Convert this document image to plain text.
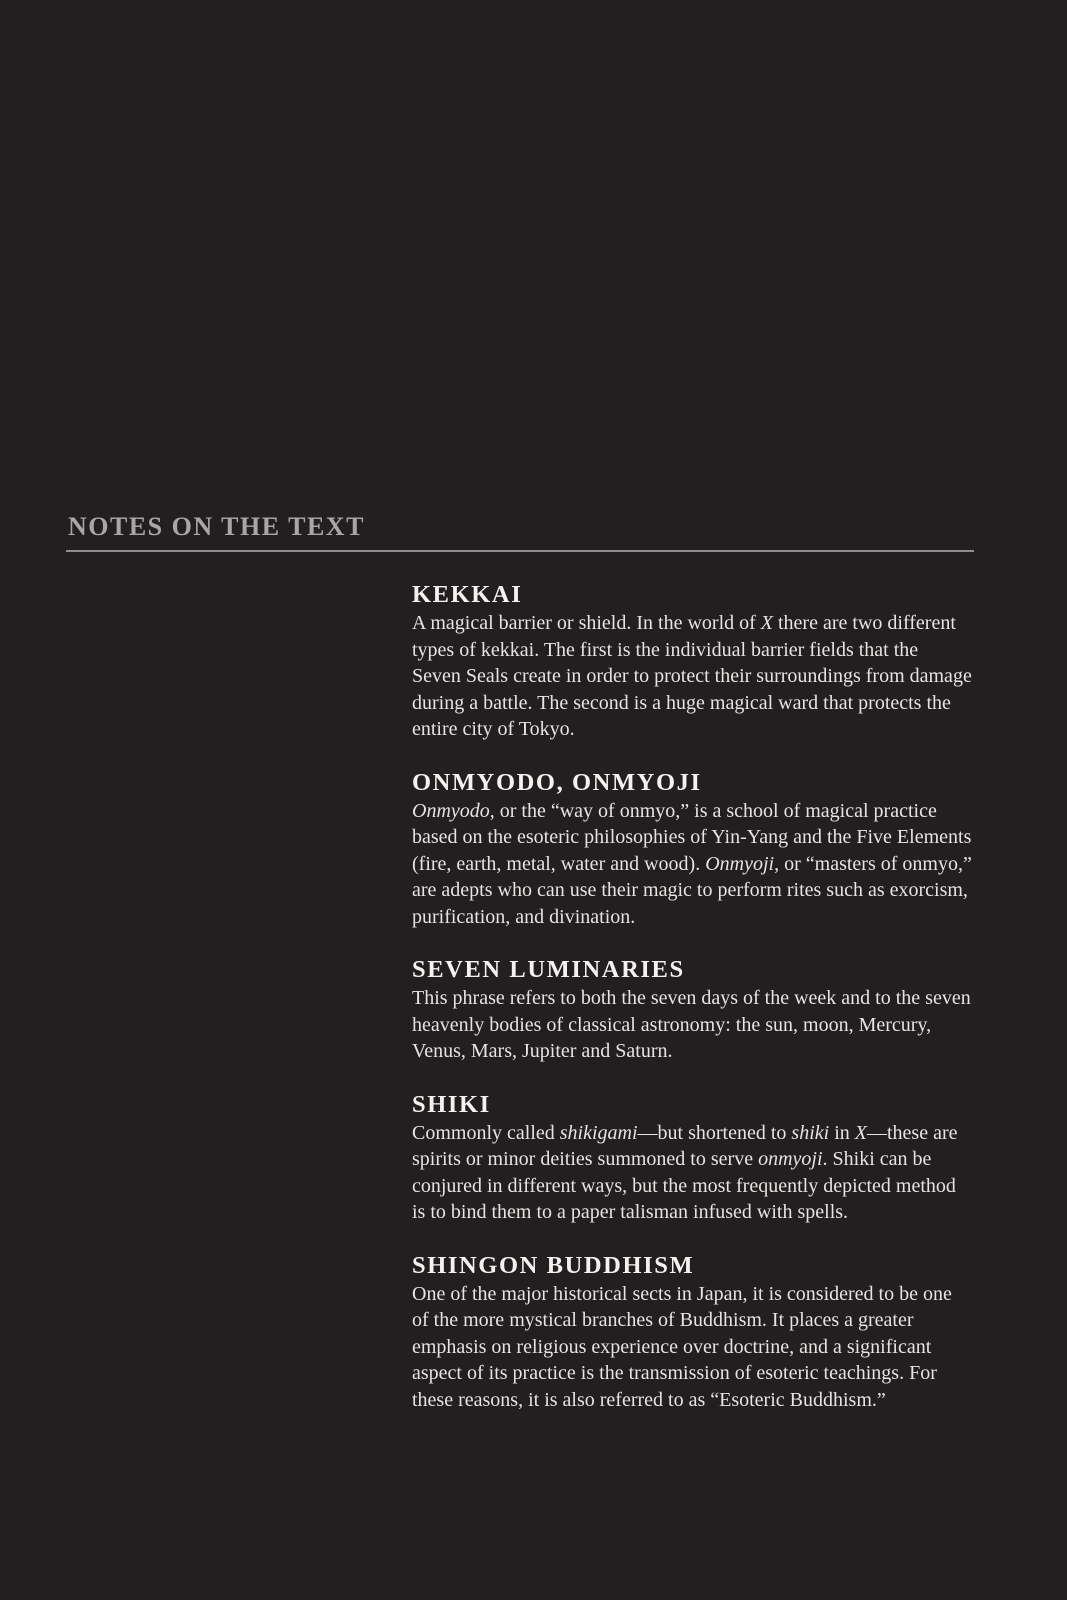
NOTES ON THE TEXT
KEKKAI

A magical barrier or shield. In the world of X there are two different types of kekkai. The first is the individual barrier fields that the Seven Seals create in order to protect their surroundings from damage during a battle. The second is a huge magical ward that protects the entire city of Tokyo.

ONMYODO, ONMYOJI

Onmyodo, or the “way of onmyo,” is a school of magical practice based on the esoteric philosophies of Yin-Yang and the Five Elements (fire, earth, metal, water and wood). Onmyoji, or “masters of onmyo,” are adepts who can use their magic to perform rites such as exorcism, purification, and divination.

SEVEN LUMINARIES

This phrase refers to both the seven days of the week and to the seven heavenly bodies of classical astronomy: the sun, moon, Mercury, Venus, Mars, Jupiter and Saturn.

SHIKI

Commonly called shikigami—but shortened to shiki in X—these are spirits or minor deities summoned to serve onmyoji. Shiki can be conjured in different ways, but the most frequently depicted method is to bind them to a paper talisman infused with spells.

SHINGON BUDDHISM

One of the major historical sects in Japan, it is considered to be one of the more mystical branches of Buddhism. It places a greater emphasis on religious experience over doctrine, and a significant aspect of its practice is the transmission of esoteric teachings. For these reasons, it is also referred to as “Esoteric Buddhism.”
